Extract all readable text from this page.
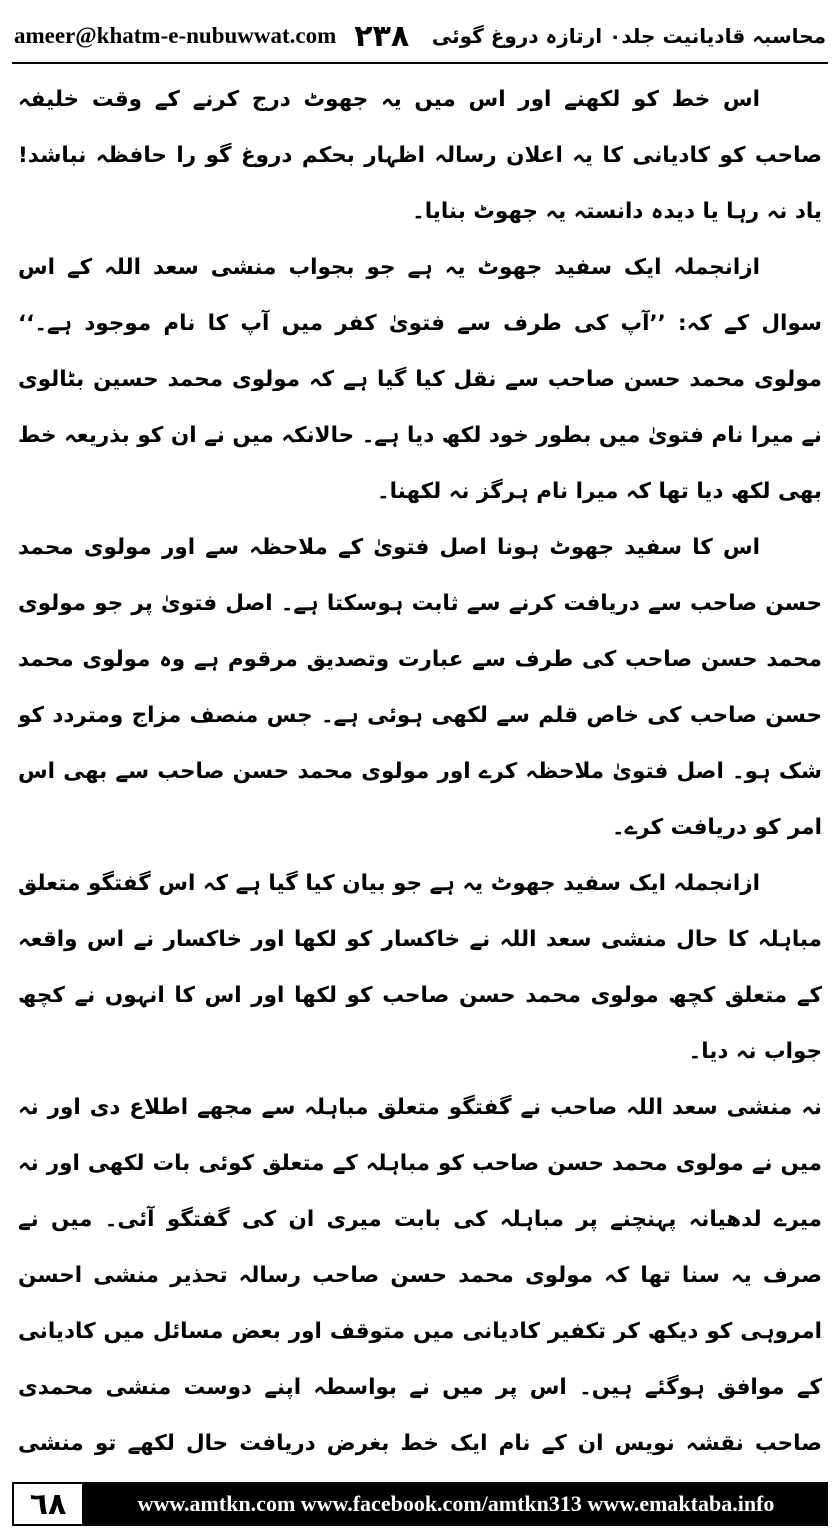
ameer@khatm-e-nubuwwat.com ۲۳۸ محاسبہ قادیانیت جلد۰ ارتازہ دروغ گوئی

اس خط کو لکھنے اور اس میں یہ جھوٹ درج کرنے کے وقت خلیفہ صاحب کو کادیانی کا یہ اعلان رسالہ اظہار بحکم دروغ گو را حافظہ نباشد! یاد نہ رہا یا دیدہ دانستہ یہ جھوٹ بنایا۔

ازانجملہ ایک سفید جھوٹ یہ ہے جو بجواب منشی سعد اللہ کے اس سوال کے کہ: ’’آپ کی طرف سے فتویٰ کفر میں آپ کا نام موجود ہے۔‘‘ مولوی محمد حسن صاحب سے نقل کیا گیا ہے کہ مولوی محمد حسین بٹالوی نے میرا نام فتویٰ میں بطور خود لکھ دیا ہے۔ حالانکہ میں نے ان کو بذریعہ خط بھی لکھ دیا تھا کہ میرا نام ہرگز نہ لکھنا۔

اس کا سفید جھوٹ ہونا اصل فتویٰ کے ملاحظہ سے اور مولوی محمد حسن صاحب سے دریافت کرنے سے ثابت ہوسکتا ہے۔ اصل فتویٰ پر جو مولوی محمد حسن صاحب کی طرف سے عبارت وتصدیق مرقوم ہے وہ مولوی محمد حسن صاحب کی خاص قلم سے لکھی ہوئی ہے۔ جس منصف مزاج ومتردد کو شک ہو۔ اصل فتویٰ ملاحظہ کرے اور مولوی محمد حسن صاحب سے بھی اس امر کو دریافت کرے۔

ازانجملہ ایک سفید جھوٹ یہ ہے جو بیان کیا گیا ہے کہ اس گفتگو متعلق مباہلہ کا حال منشی سعد اللہ نے خاکسار کو لکھا اور خاکسار نے اس واقعہ کے متعلق کچھ مولوی محمد حسن صاحب کو لکھا اور اس کا انہوں نے کچھ جواب نہ دیا۔

نہ منشی سعد اللہ صاحب نے گفتگو متعلق مباہلہ سے مجھے اطلاع دی اور نہ میں نے مولوی محمد حسن صاحب کو مباہلہ کے متعلق کوئی بات لکھی اور نہ میرے لدھیانہ پہنچنے پر مباہلہ کی بابت میری ان کی گفتگو آئی۔ میں نے صرف یہ سنا تھا کہ مولوی محمد حسن صاحب رسالہ تحذیر منشی احسن امروہی کو دیکھ کر تکفیر کادیانی میں متوقف اور بعض مسائل میں کادیانی کے موافق ہوگئے ہیں۔ اس پر میں نے بواسطہ اپنے دوست منشی محمدی صاحب نقشہ نویس ان کے نام ایک خط بغرض دریافت حال لکھے تو منشی

٦٨	www.amtkn.com www.facebook.com/amtkn313 www.emaktaba.info
